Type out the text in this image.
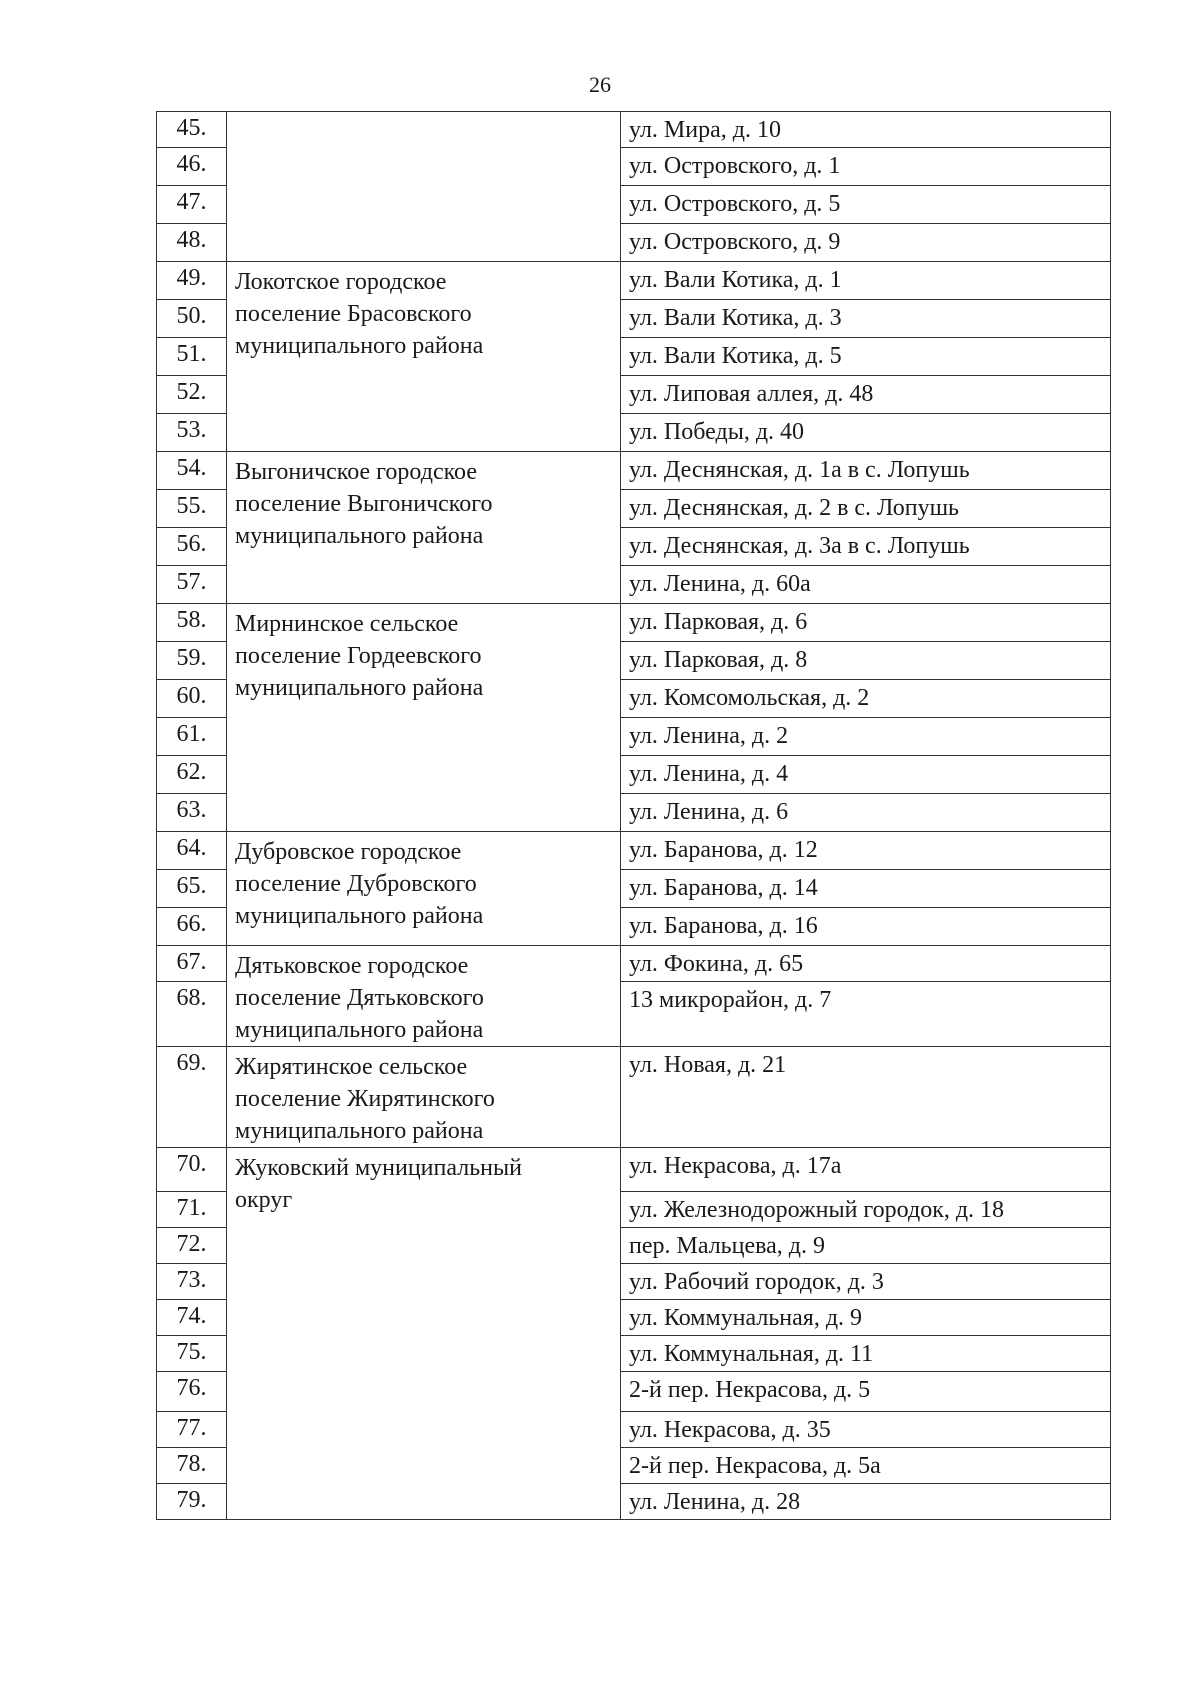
26
45.		ул. Мира, д. 10
46.		ул. Островского, д. 1
47.		ул. Островского, д. 5
48.		ул. Островского, д. 9
49.	Локотское городское
поселение Брасовского
муниципального района	ул. Вали Котика, д. 1
50.		ул. Вали Котика, д. 3
51.		ул. Вали Котика, д. 5
52.		ул. Липовая аллея, д. 48
53.		ул. Победы, д. 40
54.	Выгоничское городское
поселение Выгоничского
муниципального района	ул. Деснянская, д. 1а в с. Лопушь
55.		ул. Деснянская, д. 2 в с. Лопушь
56.		ул. Деснянская, д. 3а в с. Лопушь
57.		ул. Ленина, д. 60а
58.	Мирнинское сельское
поселение Гордеевского
муниципального района	ул. Парковая, д. 6
59.		ул. Парковая, д. 8
60.		ул. Комсомольская, д. 2
61.		ул. Ленина, д. 2
62.		ул. Ленина, д. 4
63.		ул. Ленина, д. 6
64.	Дубровское городское
поселение Дубровского
муниципального района	ул. Баранова, д. 12
65.		ул. Баранова, д. 14
66.		ул. Баранова, д. 16
67.	Дятьковское городское
поселение Дятьковского
муниципального района	ул. Фокина, д. 65
68.		13 микрорайон, д. 7
69.	Жирятинское сельское
поселение Жирятинского
муниципального района	ул. Новая, д. 21
70.	Жуковский муниципальный
округ	ул. Некрасова, д. 17а
71.		ул. Железнодорожный городок, д. 18
72.		пер. Мальцева, д. 9
73.		ул. Рабочий городок, д. 3
74.		ул. Коммунальная, д. 9
75.		ул. Коммунальная, д. 11
76.		2-й пер. Некрасова, д. 5
77.		ул. Некрасова, д. 35
78.		2-й пер. Некрасова, д. 5а
79.		ул. Ленина, д. 28
